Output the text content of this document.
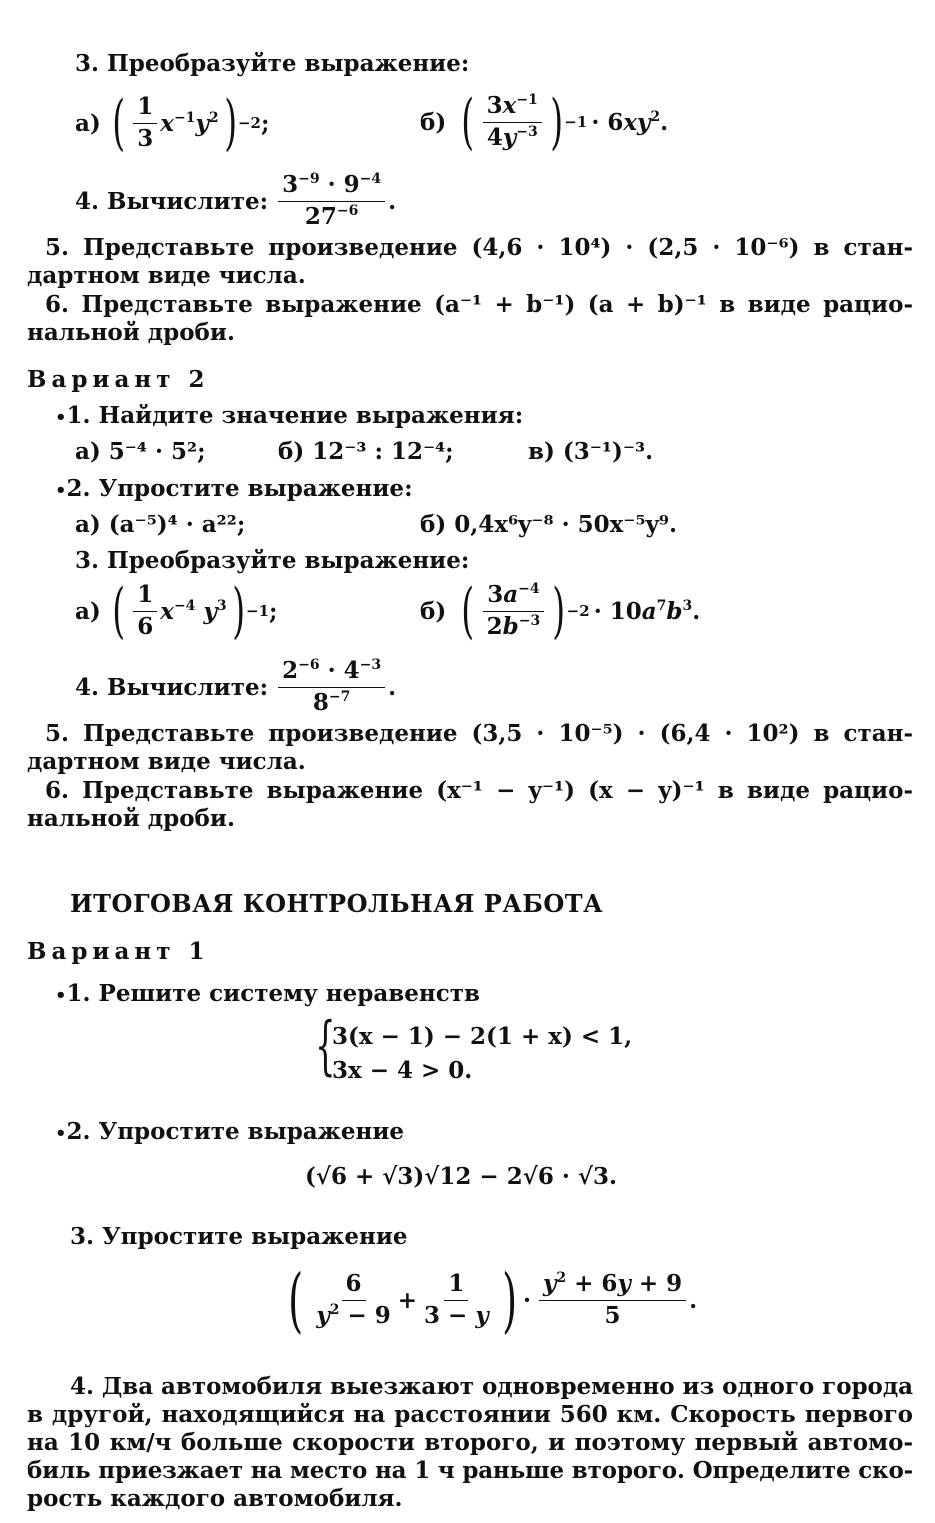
3. Преобразуйте выражение:
а) ( $\frac{1}{3} x^{-1}y^2$ ) −2 ;	б) ( $\frac{3x^{-1}}{4y^{-3}}$ ) $-1 \cdot 6xy^2$.
4. Вычислите: $\frac{3^{-9} \cdot 9^{-4}}{27^{-6}}$ .
5. Представьте произведение (4,6 · 10⁴) · (2,5 · 10⁻⁶) в стан-
дартном виде числа.
6. Представьте выражение (a⁻¹ + b⁻¹) (a + b)⁻¹ в виде рацио-
нальной дроби.
Вариант 2
•1. Найдите значение выражения:
а) 5⁻⁴ · 5²;	б) 12⁻³ : 12⁻⁴;	в) (3⁻¹)⁻³.
•2. Упростите выражение:
а) (a⁻⁵)⁴ · a²²;	б) 0,4x⁶y⁻⁸ · 50x⁻⁵y⁹.
3. Преобразуйте выражение:
а) ( $\frac{1}{6} x^{-4}$ $y^3$ ) −1 ;	б) ( $\frac{3a^{-4}}{2b^{-3}}$ ) $-2 \cdot 10a^7b^3$.
4. Вычислите: $\frac{2^{-6} \cdot 4^{-3}}{8^{-7}}$ .
5. Представьте произведение (3,5 · 10⁻⁵) · (6,4 · 10²) в стан-
дартном виде числа.
6. Представьте выражение (x⁻¹ − y⁻¹) (x − y)⁻¹ в виде рацио-
нальной дроби.
ИТОГОВАЯ КОНТРОЛЬНАЯ РАБОТА
Вариант 1
•1. Решите систему неравенств
{
3(x − 1) − 2(1 + x) < 1,
3x − 4 > 0.
•2. Упростите выражение
(√6 + √3)√12 − 2√6 · √3.
3. Упростите выражение
( $\frac{6}{y^2 - 9} + \frac{1}{3 - y}$ ) · $\frac{y^2 + 6y + 9}{5}$ .
4. Два автомобиля выезжают одновременно из одного города
в другой, находящийся на расстоянии 560 км. Скорость первого
на 10 км/ч больше скорости второго, и поэтому первый автомо-
биль приезжает на место на 1 ч раньше второго. Определите ско-
рость каждого автомобиля.
